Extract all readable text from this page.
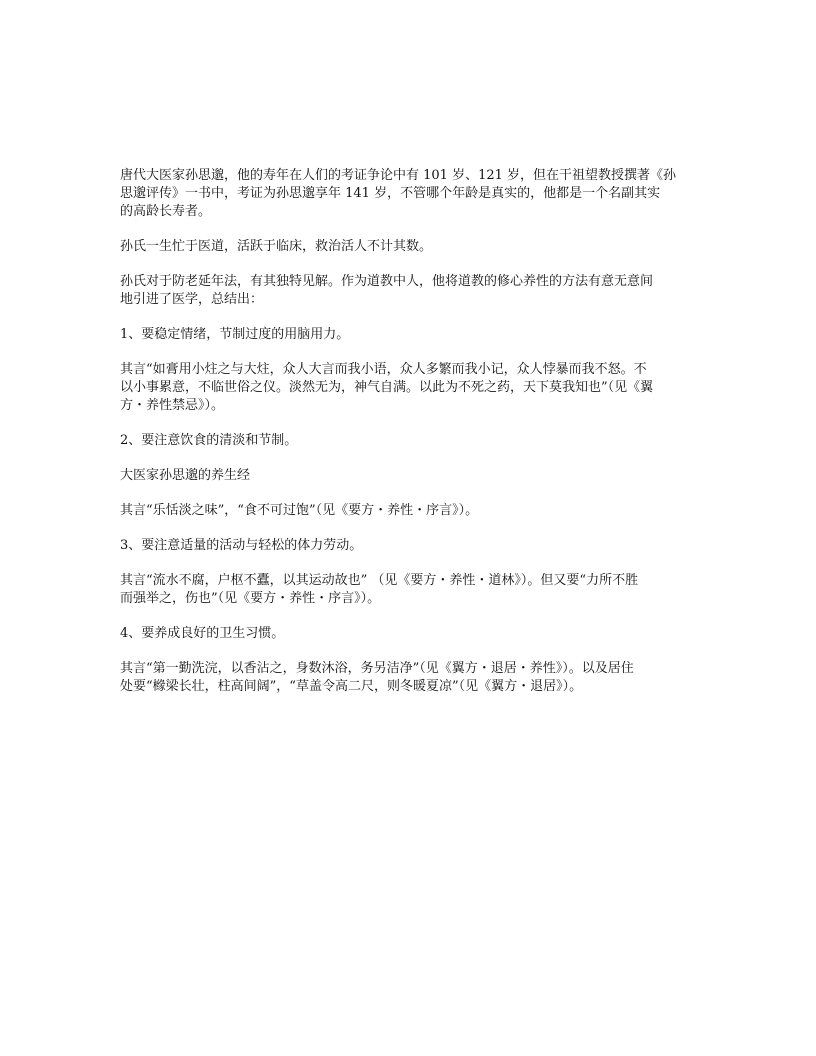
唐代大医家孙思邈，他的寿年在人们的考证争论中有 101 岁、121 岁，但在干祖望教授撰著《孙
思邈评传》一书中，考证为孙思邈享年 141 岁，不管哪个年龄是真实的，他都是一个名副其实
的高龄长寿者。

孙氏一生忙于医道，活跃于临床，救治活人不计其数。

孙氏对于防老延年法，有其独特见解。作为道教中人，他将道教的修心养性的方法有意无意间
地引进了医学，总结出：

1、要稳定情绪，节制过度的用脑用力。

其言“如膏用小炷之与大炷，众人大言而我小语，众人多繁而我小记，众人悖暴而我不怒。不
以小事累意，不临世俗之仪。淡然无为，神气自满。以此为不死之药，天下莫我知也”（见《翼
方・养性禁忌》）。

2、要注意饮食的清淡和节制。

大医家孙思邈的养生经

其言“乐恬淡之味”，“食不可过饱”（见《要方・养性・序言》）。

3、要注意适量的活动与轻松的体力劳动。

其言“流水不腐，户枢不蠹，以其运动故也” （见《要方・养性・道林》）。但又要“力所不胜
而强举之，伤也”（见《要方・养性・序言》）。

4、要养成良好的卫生习惯。

其言“第一勤洗浣，以香沾之，身数沐浴，务另洁净”（见《翼方・退居・养性》）。以及居住
处要“橼梁长壮，柱高间阔”，“草盖令高二尺，则冬暖夏凉”（见《翼方・退居》）。
